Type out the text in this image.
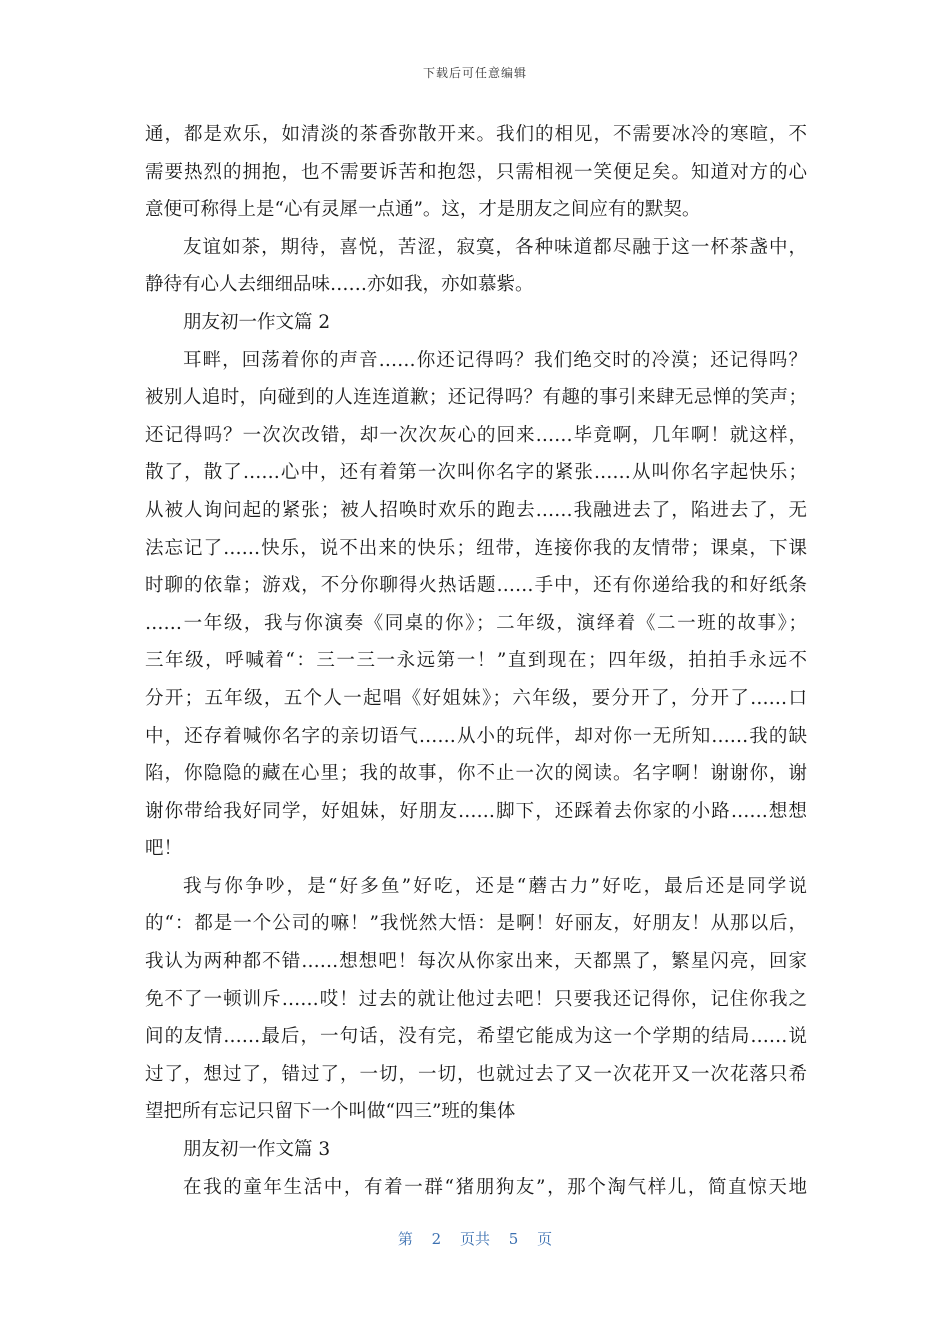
下载后可任意编辑
通，都是欢乐，如清淡的茶香弥散开来。我们的相见，不需要冰冷的寒暄，不
需要热烈的拥抱，也不需要诉苦和抱怨，只需相视一笑便足矣。知道对方的心
意便可称得上是“心有灵犀一点通”。这，才是朋友之间应有的默契。
友谊如茶，期待，喜悦，苦涩，寂寞，各种味道都尽融于这一杯茶盏中，
静待有心人去细细品味……亦如我，亦如慕紫。
朋友初一作文篇 2
耳畔，回荡着你的声音……你还记得吗？我们绝交时的冷漠；还记得吗？
被别人追时，向碰到的人连连道歉；还记得吗？有趣的事引来肆无忌惮的笑声；
还记得吗？一次次改错，却一次次灰心的回来……毕竟啊，几年啊！就这样，
散了，散了……心中，还有着第一次叫你名字的紧张……从叫你名字起快乐；
从被人询问起的紧张；被人招唤时欢乐的跑去……我融进去了，陷进去了，无
法忘记了……快乐，说不出来的快乐；纽带，连接你我的友情带；课桌，下课
时聊的依靠；游戏，不分你聊得火热话题……手中，还有你递给我的和好纸条
……一年级，我与你演奏《同桌的你》；二年级，演绎着《二一班的故事》；
三年级，呼喊着“：三一三一永远第一！”直到现在；四年级，拍拍手永远不
分开；五年级，五个人一起唱《好姐妹》；六年级，要分开了，分开了……口
中，还存着喊你名字的亲切语气……从小的玩伴，却对你一无所知……我的缺
陷，你隐隐的藏在心里；我的故事，你不止一次的阅读。名字啊！谢谢你，谢
谢你带给我好同学，好姐妹，好朋友……脚下，还踩着去你家的小路……想想
吧！
我与你争吵，是“好多鱼”好吃，还是“蘑古力”好吃，最后还是同学说
的“：都是一个公司的嘛！”我恍然大悟：是啊！好丽友，好朋友！从那以后，
我认为两种都不错……想想吧！每次从你家出来，天都黑了，繁星闪亮，回家
免不了一顿训斥……哎！过去的就让他过去吧！只要我还记得你，记住你我之
间的友情……最后，一句话，没有完，希望它能成为这一个学期的结局……说
过了，想过了，错过了，一切，一切，也就过去了又一次花开又一次花落只希
望把所有忘记只留下一个叫做“四三”班的集体
朋友初一作文篇 3
在我的童年生活中，有着一群“猪朋狗友”，那个淘气样儿，简直惊天地
第 2 页共 5 页
